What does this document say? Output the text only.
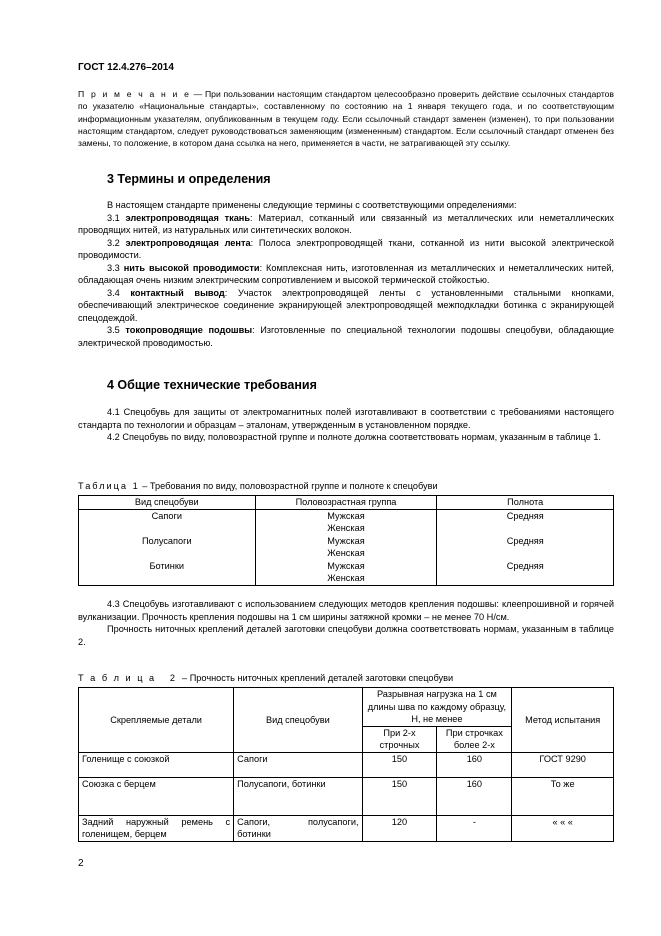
ГОСТ 12.4.276–2014
П р и м е ч а н и е — При пользовании настоящим стандартом целесообразно проверить действие ссылочных стандартов по указателю «Национальные стандарты», составленному по состоянию на 1 января текущего года, и по соответствующим информационным указателям, опубликованным в текущем году. Если ссылочный стандарт заменен (изменен), то при пользовании настоящим стандартом, следует руководствоваться заменяющим (измененным) стандартом. Если ссылочный стандарт отменен без замены, то положение, в котором дана ссылка на него, применяется в части, не затрагивающей эту ссылку.
3 Термины и определения

В настоящем стандарте применены следующие термины с соответствующими определениями:

3.1 электропроводящая ткань: Материал, сотканный или связанный из металлических или неметаллических проводящих нитей, из натуральных или синтетических волокон.

3.2 электропроводящая лента: Полоса электропроводящей ткани, сотканной из нити высокой электрической проводимости.

3.3 нить высокой проводимости: Комплексная нить, изготовленная из металлических и неметаллических нитей, обладающая очень низким электрическим сопротивлением и высокой термической стойкостью.

3.4 контактный вывод: Участок электропроводящей ленты с установленными стальными кнопками, обеспечивающий электрическое соединение экранирующей электропроводящей межподкладки ботинка с экранирующей спецодеждой.

3.5 токопроводящие подошвы: Изготовленные по специальной технологии подошвы спецобуви, обладающие электрической проводимостью.

4 Общие технические требования

4.1 Спецобувь для защиты от электромагнитных полей изготавливают в соответствии с требованиями настоящего стандарта по технологии и образцам – эталонам, утвержденным в установленном порядке.

4.2 Спецобувь по виду, половозрастной группе и полноте должна соответствовать нормам, указанным в таблице 1.

Таблица 1 – Требования по виду, половозрастной группе и полноте к спецобуви
Вид спецобуви	Половозрастная группа	Полнота
Сапоги	Мужская	Средняя
	Женская	
Полусапоги	Мужская	Средняя
	Женская	
Ботинки	Мужская	Средняя
	Женская	

4.3 Спецобувь изготавливают с использованием следующих методов крепления подошвы: клеепрошивной и горячей вулканизации. Прочность крепления подошвы на 1 см ширины затяжной кромки – не менее 70 Н/см.

Прочность ниточных креплений деталей заготовки спецобуви должна соответствовать нормам, указанным в таблице 2.

Т а б л и ц а   2  – Прочность ниточных креплений деталей заготовки спецобуви
Скрепляемые детали	Вид спецобуви	Разрывная нагрузка на 1 см длины шва по каждому образцу, Н, не менее		Метод испытания
		При 2-х строчных	При строчках более 2-х	
Голенище с союзкой	Сапоги	150	160	ГОСТ 9290
Союзка с берцем	Полусапоги, ботинки	150	160	То же
Задний наружный ремень с голенищем, берцем	Сапоги, полусапоги, ботинки	120	-	« « «
2
